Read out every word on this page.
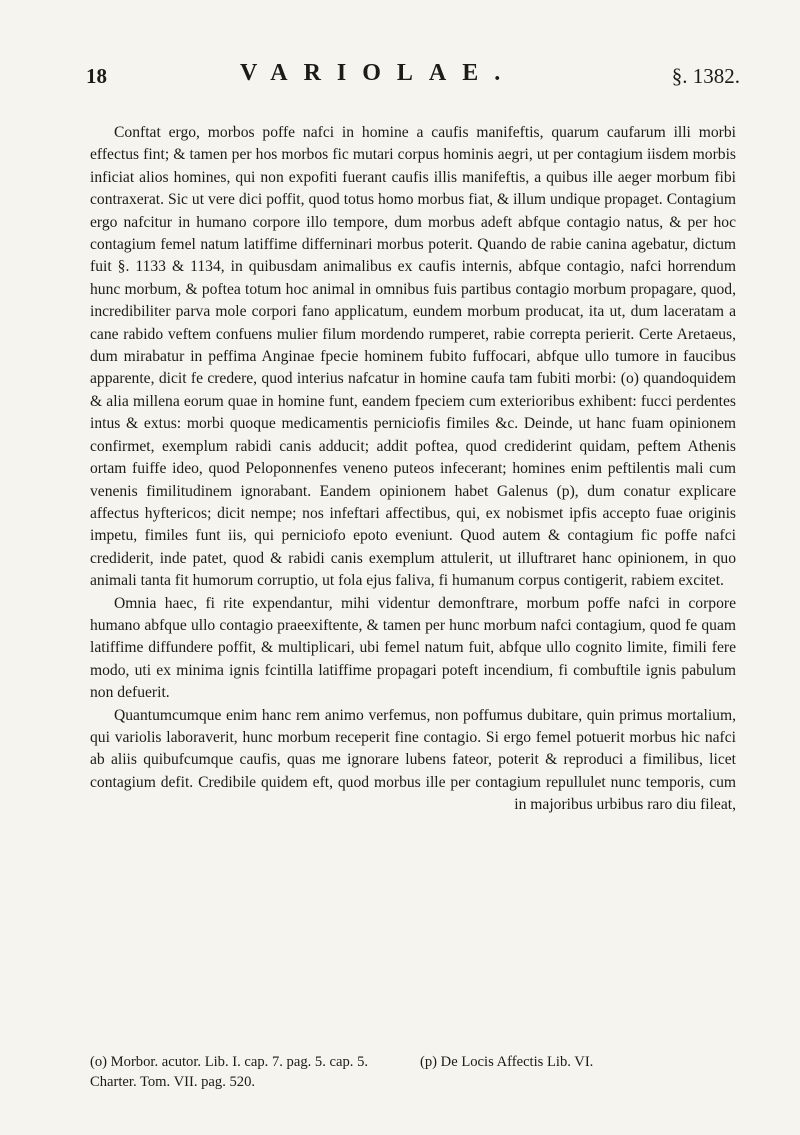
18	VARIOLAE.	§. 1382.

Conftat ergo, morbos poffe nafci in homine a caufis manifeftis, quarum caufarum illi morbi effectus fint; & tamen per hos morbos fic mutari corpus hominis aegri, ut per contagium iisdem morbis inficiat alios homines, qui non expofiti fuerant caufis illis manifeftis, a quibus ille aeger morbum fibi contraxerat. Sic ut vere dici poffit, quod totus homo morbus fiat, & illum undique propaget. Contagium ergo nafcitur in humano corpore illo tempore, dum morbus adeft abfque contagio natus, & per hoc contagium femel natum latiffime differninari morbus poterit. Quando de rabie canina agebatur, dictum fuit §. 1133 & 1134, in quibusdam animalibus ex caufis internis, abfque contagio, nafci horrendum hunc morbum, & poftea totum hoc animal in omnibus fuis partibus contagio morbum propagare, quod, incredibiliter parva mole corpori fano applicatum, eundem morbum producat, ita ut, dum laceratam a cane rabido veftem confuens mulier filum mordendo rumperet, rabie correpta perierit. Certe Aretaeus, dum mirabatur in peffima Anginae fpecie hominem fubito fuffocari, abfque ullo tumore in faucibus apparente, dicit fe credere, quod interius nafcatur in homine caufa tam fubiti morbi: (o) quandoquidem & alia millena eorum quae in homine funt, eandem fpeciem cum exterioribus exhibent: fucci perdentes intus & extus: morbi quoque medicamentis perniciofis fimiles &c. Deinde, ut hanc fuam opinionem confirmet, exemplum rabidi canis adducit; addit poftea, quod crediderint quidam, peftem Athenis ortam fuiffe ideo, quod Peloponnenfes veneno puteos infecerant; homines enim peftilentis mali cum venenis fimilitudinem ignorabant. Eandem opinionem habet Galenus (p), dum conatur explicare affectus hyftericos; dicit nempe; nos infeftari affectibus, qui, ex nobismet ipfis accepto fuae originis impetu, fimiles funt iis, qui perniciofo epoto eveniunt. Quod autem & contagium fic poffe nafci crediderit, inde patet, quod & rabidi canis exemplum attulerit, ut illuftraret hanc opinionem, in quo animali tanta fit humorum corruptio, ut fola ejus faliva, fi humanum corpus contigerit, rabiem excitet.

Omnia haec, fi rite expendantur, mihi videntur demonftrare, morbum poffe nafci in corpore humano abfque ullo contagio praeexiftente, & tamen per hunc morbum nafci contagium, quod fe quam latiffime diffundere poffit, & multiplicari, ubi femel natum fuit, abfque ullo cognito limite, fimili fere modo, uti ex minima ignis fcintilla latiffime propagari poteft incendium, fi combuftile ignis pabulum non defuerit.

Quantumcumque enim hanc rem animo verfemus, non poffumus dubitare, quin primus mortalium, qui variolis laboraverit, hunc morbum receperit fine contagio. Si ergo femel potuerit morbus hic nafci ab aliis quibufcumque caufis, quas me ignorare lubens fateor, poterit & reproduci a fimilibus, licet contagium defit. Credibile quidem eft, quod morbus ille per contagium repullulet nunc temporis, cum in majoribus urbibus raro diu fileat,

(o) Morbor. acutor. Lib. I. cap. 7. pag. 5. cap. 5. Charter. Tom. VII. pag. 520.
(p) De Locis Affectis Lib. VI.
